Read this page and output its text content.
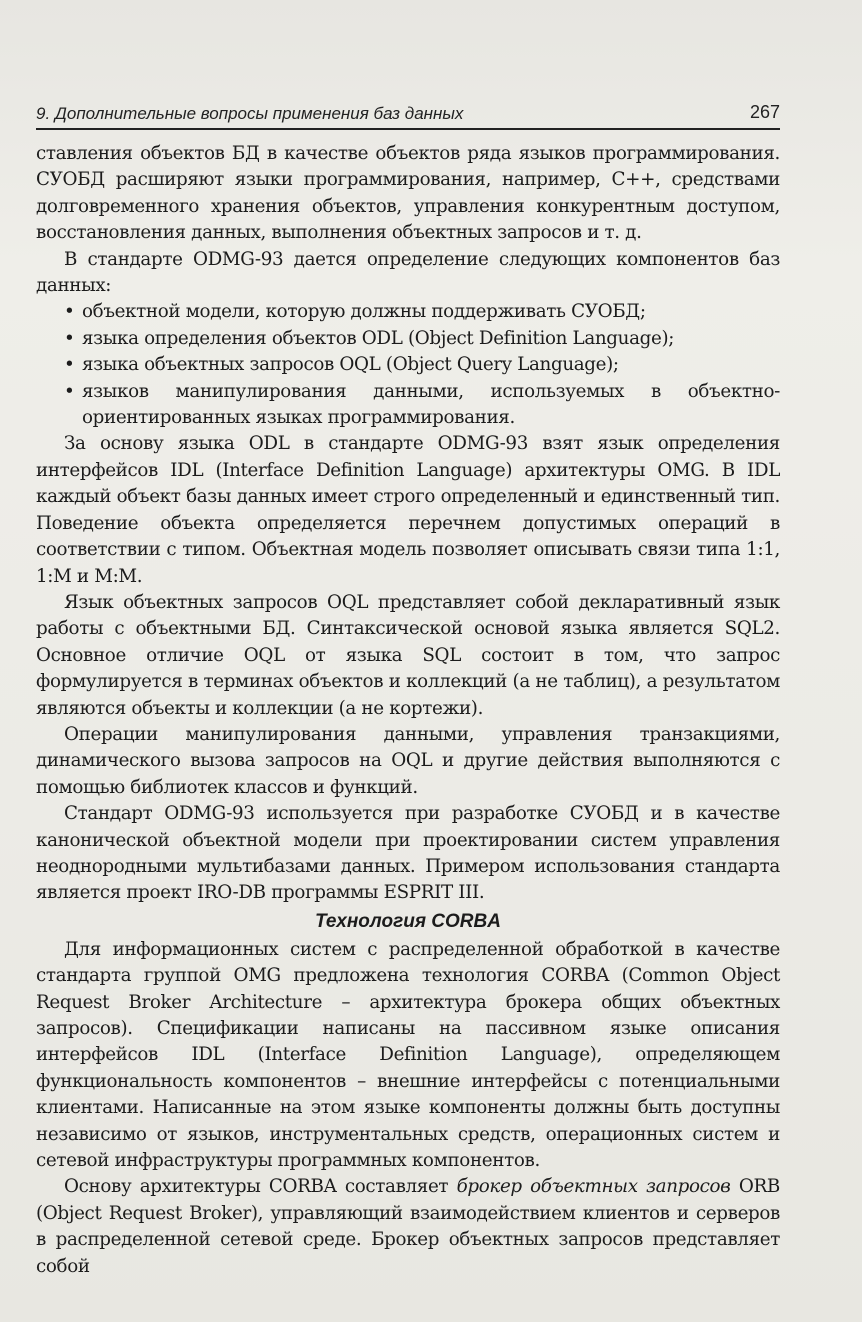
9. Дополнительные вопросы применения баз данных	267

ставления объектов БД в качестве объектов ряда языков программирования. СУОБД расширяют языки программирования, например, С++, средствами долговременного хранения объектов, управления конкурентным доступом, восстановления данных, выполнения объектных запросов и т. д.

В стандарте ODMG-93 дается определение следующих компонентов баз данных:

• объектной модели, которую должны поддерживать СУОБД;
• языка определения объектов ODL (Object Definition Language);
• языка объектных запросов OQL (Object Query Language);
• языков манипулирования данными, используемых в объектно-ориентированных языках программирования.

За основу языка ODL в стандарте ODMG-93 взят язык определения интерфейсов IDL (Interface Definition Language) архитектуры OMG. В IDL каждый объект базы данных имеет строго определенный и единственный тип. Поведение объекта определяется перечнем допустимых операций в соответствии с типом. Объектная модель позволяет описывать связи типа 1:1, 1:М и М:М.

Язык объектных запросов OQL представляет собой декларативный язык работы с объектными БД. Синтаксической основой языка является SQL2. Основное отличие OQL от языка SQL состоит в том, что запрос формулируется в терминах объектов и коллекций (а не таблиц), а результатом являются объекты и коллекции (а не кортежи).

Операции манипулирования данными, управления транзакциями, динамического вызова запросов на OQL и другие действия выполняются с помощью библиотек классов и функций.

Стандарт ODMG-93 используется при разработке СУОБД и в качестве канонической объектной модели при проектировании систем управления неоднородными мультибазами данных. Примером использования стандарта является проект IRO-DB программы ESPRIT III.

Технология CORBA

Для информационных систем с распределенной обработкой в качестве стандарта группой OMG предложена технология CORBA (Common Object Request Broker Architecture – архитектура брокера общих объектных запросов). Спецификации написаны на пассивном языке описания интерфейсов IDL (Interface Definition Language), определяющем функциональность компонентов – внешние интерфейсы с потенциальными клиентами. Написанные на этом языке компоненты должны быть доступны независимо от языков, инструментальных средств, операционных систем и сетевой инфраструктуры программных компонентов.

Основу архитектуры CORBA составляет брокер объектных запросов ORB (Object Request Broker), управляющий взаимодействием клиентов и серверов в распределенной сетевой среде. Брокер объектных запросов представляет собой
